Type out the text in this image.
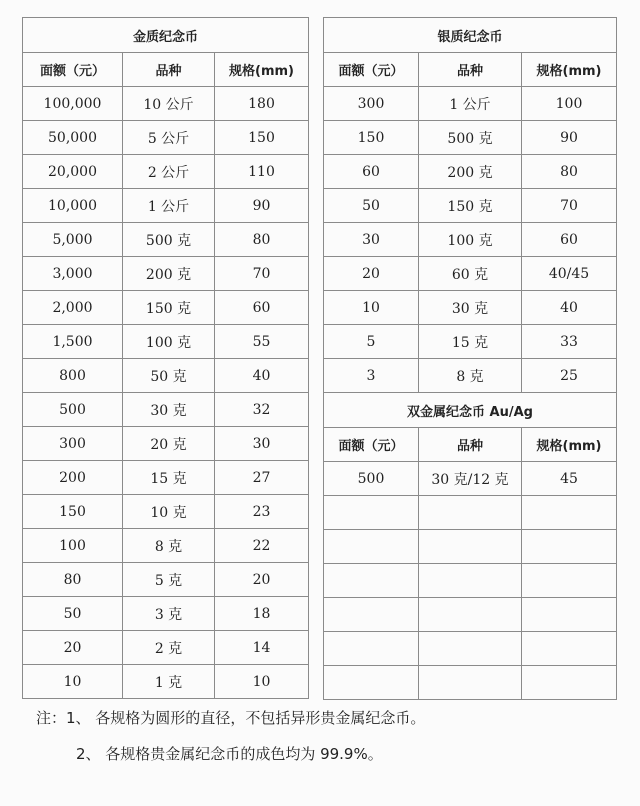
金质纪念币		
面额（元）	品种	规格(mm)
100,000	10 公斤	180
50,000	5 公斤	150
20,000	2 公斤	110
10,000	1 公斤	90
5,000	500 克	80
3,000	200 克	70
2,000	150 克	60
1,500	100 克	55
800	50 克	40
500	30 克	32
300	20 克	30
200	15 克	27
150	10 克	23
100	8 克	22
80	5 克	20
50	3 克	18
20	2 克	14
10	1 克	10
银质纪念币		
面额（元）	品种	规格(mm)
300	1 公斤	100
150	500 克	90
60	200 克	80
50	150 克	70
30	100 克	60
20	60 克	40/45
10	30 克	40
5	15 克	33
3	8 克	25
双金属纪念币 Au/Ag		
面额（元）	品种	规格(mm)
500	30 克/12 克	45

注：1、 各规格为圆形的直径，不包括异形贵金属纪念币。
2、 各规格贵金属纪念币的成色均为 99.9%。
